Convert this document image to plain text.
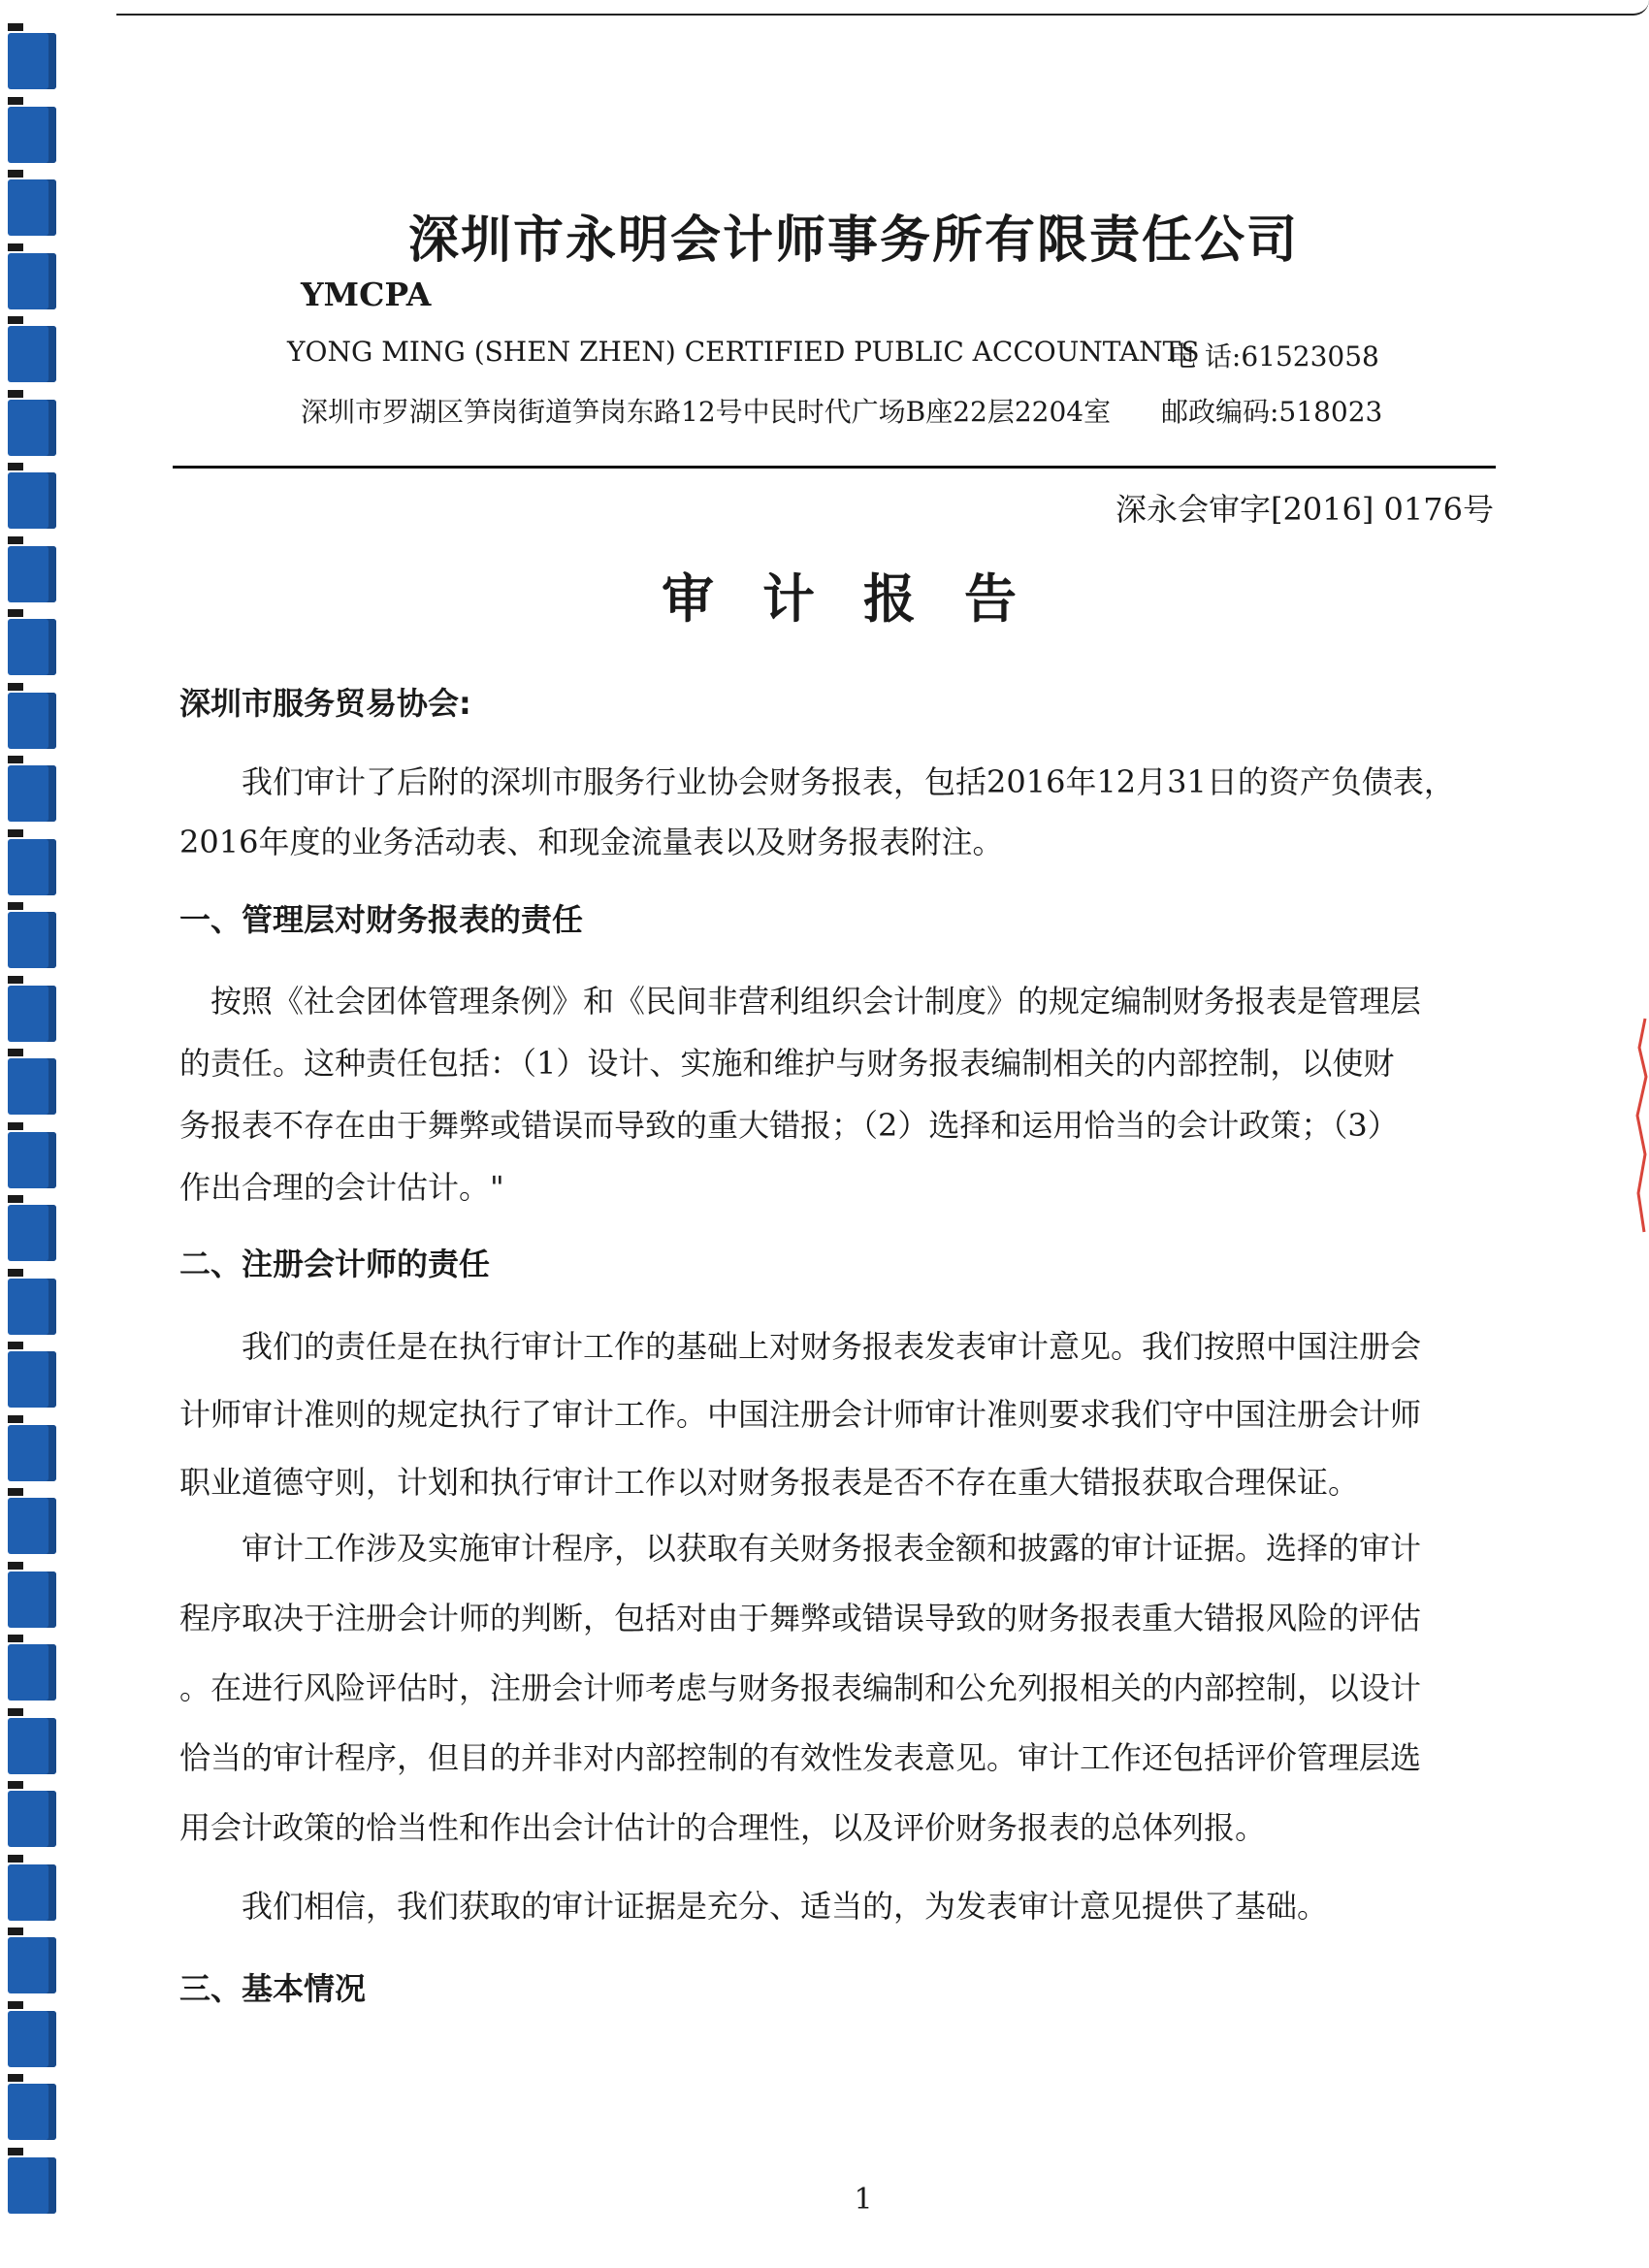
深圳市永明会计师事务所有限责任公司
YMCPA
YONG MING (SHEN ZHEN) CERTIFIED PUBLIC ACCOUNTANTS
电 话:61523058
深圳市罗湖区笋岗街道笋岗东路12号中民时代广场B座22层2204室 邮政编码:518023
深永会审字[2016] 0176号
审计报告
深圳市服务贸易协会:
我们审计了后附的深圳市服务行业协会财务报表，包括2016年12月31日的资产负债表，
2016年度的业务活动表、和现金流量表以及财务报表附注。
一、管理层对财务报表的责任
按照《社会团体管理条例》和《民间非营利组织会计制度》的规定编制财务报表是管理层
的责任。这种责任包括：（1）设计、实施和维护与财务报表编制相关的内部控制，以使财
务报表不存在由于舞弊或错误而导致的重大错报；（2）选择和运用恰当的会计政策；（3）
作出合理的会计估计。"
二、注册会计师的责任
我们的责任是在执行审计工作的基础上对财务报表发表审计意见。我们按照中国注册会
计师审计准则的规定执行了审计工作。中国注册会计师审计准则要求我们守中国注册会计师
职业道德守则，计划和执行审计工作以对财务报表是否不存在重大错报获取合理保证。
审计工作涉及实施审计程序，以获取有关财务报表金额和披露的审计证据。选择的审计
程序取决于注册会计师的判断，包括对由于舞弊或错误导致的财务报表重大错报风险的评估
。在进行风险评估时，注册会计师考虑与财务报表编制和公允列报相关的内部控制，以设计
恰当的审计程序，但目的并非对内部控制的有效性发表意见。审计工作还包括评价管理层选
用会计政策的恰当性和作出会计估计的合理性，以及评价财务报表的总体列报。
我们相信，我们获取的审计证据是充分、适当的，为发表审计意见提供了基础。
三、基本情况
1
